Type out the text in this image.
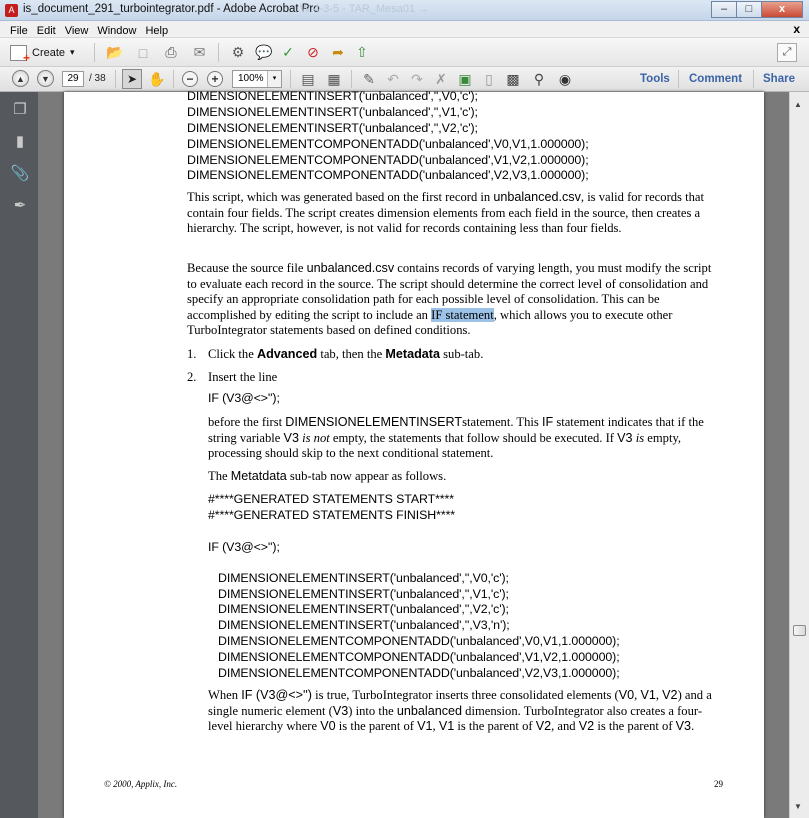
A is_document_291_turbointegrator.pdf - Adobe Acrobat Pro
W 4-3-5 - TAR_Mesa01 →	–	□	x
File Edit View Window Help	x
+
Create ▾ 📂	□	⎙	✉	⚙ 💬 ✓ ⊘ ➦ ⇧	⤢
▲	▼	➤ ✋	−	+	▤ ▦ ✎ ↶ ↷ ✗ ▣ ▯ ▩ ⚲ ◉
29	/ 38	100%	▾	Tools Comment Share
❐
▮
📎
✒
DIMENSIONELEMENTINSERT('unbalanced','',V0,'c');
DIMENSIONELEMENTINSERT('unbalanced','',V1,'c');
DIMENSIONELEMENTINSERT('unbalanced','',V2,'c');
DIMENSIONELEMENTCOMPONENTADD('unbalanced',V0,V1,1.000000);
DIMENSIONELEMENTCOMPONENTADD('unbalanced',V1,V2,1.000000);
DIMENSIONELEMENTCOMPONENTADD('unbalanced',V2,V3,1.000000);
This script, which was generated based on the first record in unbalanced.csv, is valid for records that contain four fields. The script creates dimension elements from each field in the source, then creates a hierarchy. The script, however, is not valid for records containing less than four fields.
Because the source file unbalanced.csv contains records of varying length, you must modify the script to evaluate each record in the source. The script should determine the correct level of consolidation and specify an appropriate consolidation path for each possible level of consolidation. This can be accomplished by editing the script to include an IF statement, which allows you to execute other TurboIntegrator statements based on defined conditions.
1. Click the Advanced tab, then the Metadata sub-tab.
2. Insert the line
IF (V3@<>'');
before the first DIMENSIONELEMENTINSERTstatement. This IF statement indicates that if the string variable V3 is not empty, the statements that follow should be executed. If V3 is empty, processing should skip to the next conditional statement.
The Metatdata sub-tab now appear as follows.
#****GENERATED STATEMENTS START****
#****GENERATED STATEMENTS FINISH****
IF (V3@<>'');
DIMENSIONELEMENTINSERT('unbalanced','',V0,'c');
DIMENSIONELEMENTINSERT('unbalanced','',V1,'c');
DIMENSIONELEMENTINSERT('unbalanced','',V2,'c');
DIMENSIONELEMENTINSERT('unbalanced','',V3,'n');
DIMENSIONELEMENTCOMPONENTADD('unbalanced',V0,V1,1.000000);
DIMENSIONELEMENTCOMPONENTADD('unbalanced',V1,V2,1.000000);
DIMENSIONELEMENTCOMPONENTADD('unbalanced',V2,V3,1.000000);
When IF (V3@<>'') is true, TurboIntegrator inserts three consolidated elements (V0, V1, V2) and a single numeric element (V3) into the unbalanced dimension. TurboIntegrator also creates a four-level hierarchy where V0 is the parent of V1, V1 is the parent of V2, and V2 is the parent of V3.
© 2000, Applix, Inc.	29
▲
▼
